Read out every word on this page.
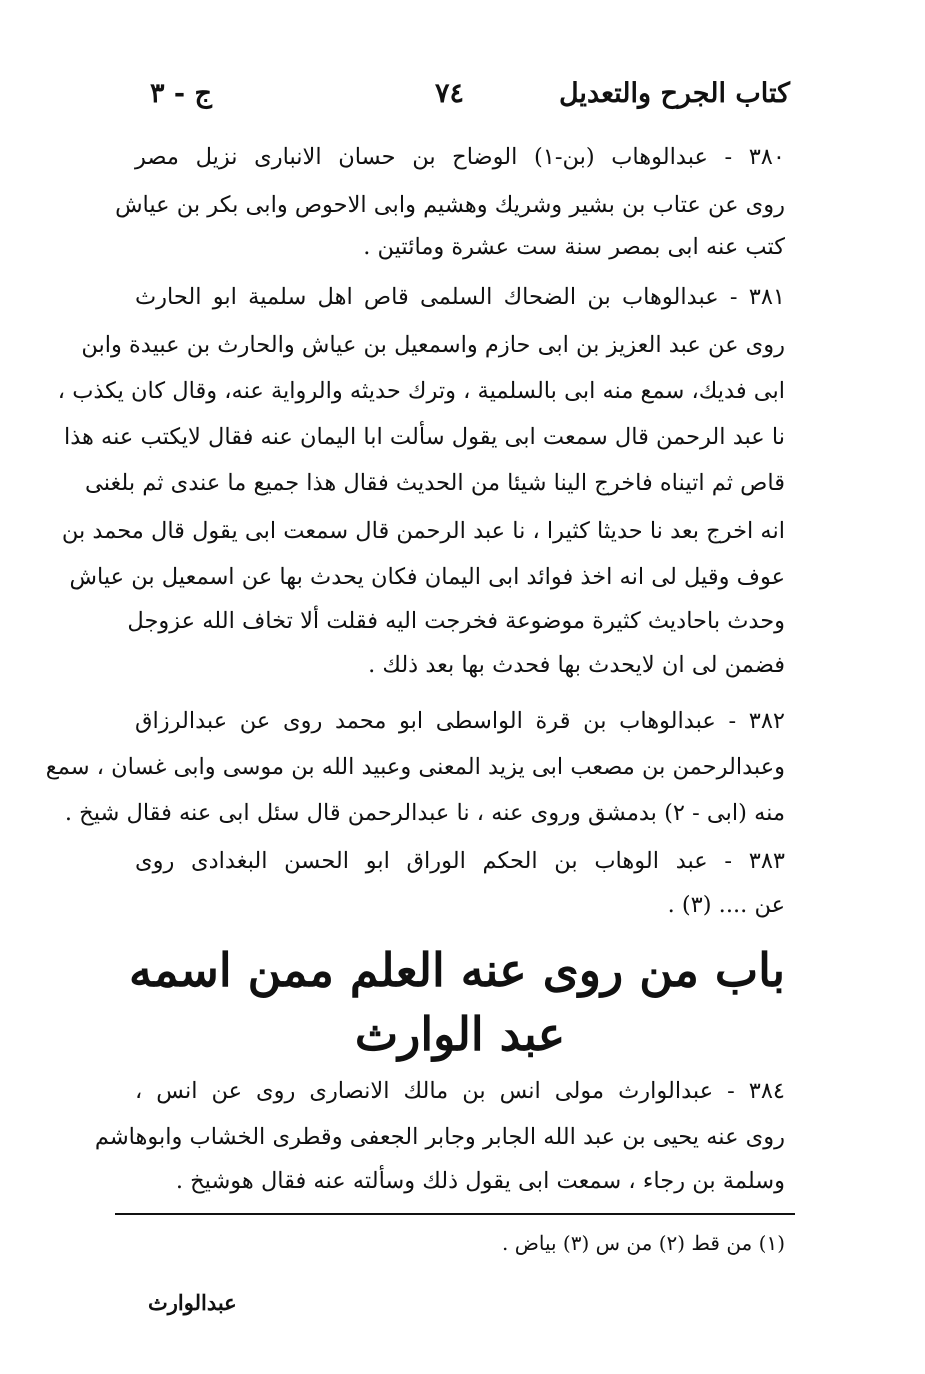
كتاب الجرح والتعديل
٧٤
ج - ٣
٣٨٠ - عبدالوهاب (بن-١) الوضاح بن حسان الانبارى نزيل مصر
روى عن عتاب بن بشير وشريك وهشيم وابى الاحوص وابى بكر بن عياش
كتب عنه ابى بمصر سنة ست عشرة ومائتين .
٣٨١ - عبدالوهاب بن الضحاك السلمى قاص اهل سلمية ابو الحارث
روى عن عبد العزيز بن ابى حازم واسمعيل بن عياش والحارث بن عبيدة وابن
ابى فديك، سمع منه ابى بالسلمية ، وترك حديثه والرواية عنه، وقال كان يكذب ،
نا عبد الرحمن قال سمعت ابى يقول سألت ابا اليمان عنه فقال لايكتب عنه هذا
قاص ثم اتيناه فاخرج الينا شيئا من الحديث فقال هذا جميع ما عندى ثم بلغنى
انه اخرج بعد نا حديثا كثيرا ، نا عبد الرحمن قال سمعت ابى يقول قال محمد بن
عوف وقيل لى انه اخذ فوائد ابى اليمان فكان يحدث بها عن اسمعيل بن عياش
وحدث باحاديث كثيرة موضوعة فخرجت اليه فقلت ألا تخاف الله عزوجل
فضمن لى ان لايحدث بها فحدث بها بعد ذلك .
٣٨٢ - عبدالوهاب بن قرة الواسطى ابو محمد روى عن عبدالرزاق
وعبدالرحمن بن مصعب ابى يزيد المعنى وعبيد الله بن موسى وابى غسان ، سمع
منه (ابى - ٢) بدمشق وروى عنه ، نا عبدالرحمن قال سئل ابى عنه فقال شيخ .
٣٨٣ - عبد الوهاب بن الحكم الوراق ابو الحسن البغدادى روى
عن .... (٣) .
باب من روى عنه العلم ممن اسمه
عبد الوارث
٣٨٤ - عبدالوارث مولى انس بن مالك الانصارى روى عن انس ،
روى عنه يحيى بن عبد الله الجابر وجابر الجعفى وقطرى الخشاب وابوهاشم
وسلمة بن رجاء ، سمعت ابى يقول ذلك وسألته عنه فقال هوشيخ .
(١) من قط (٢) من س (٣) بياض .
عبدالوارث
